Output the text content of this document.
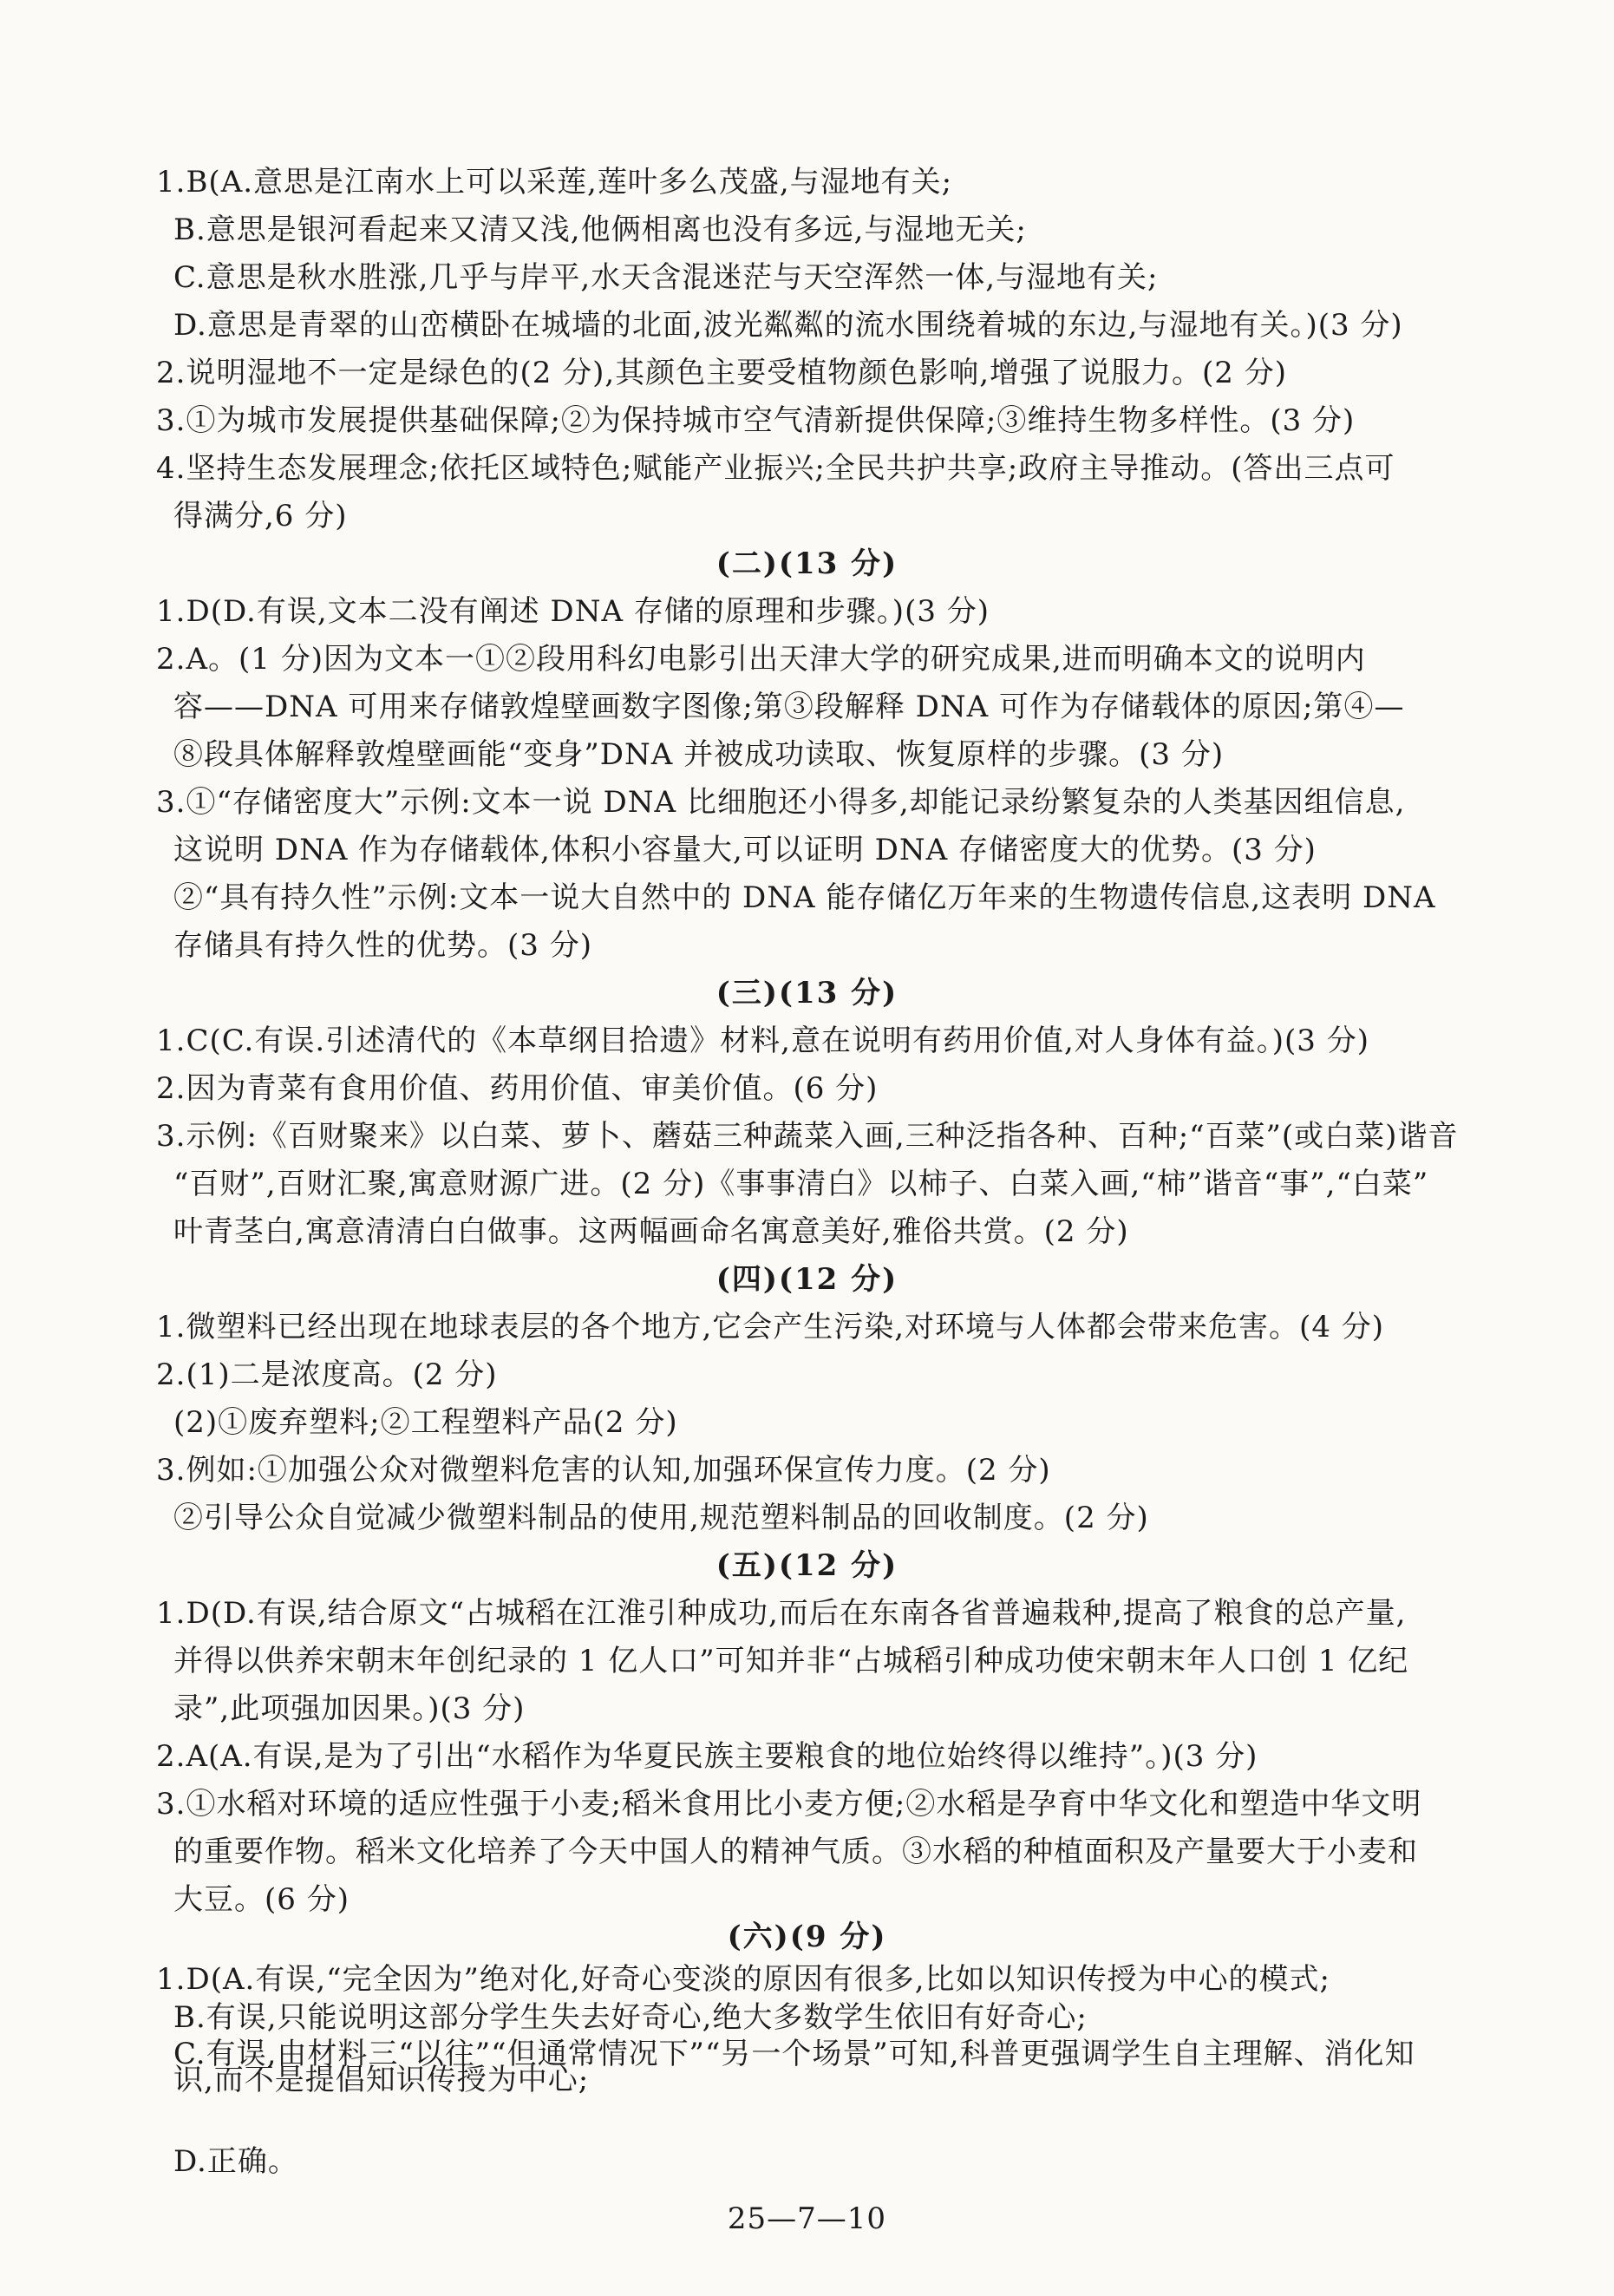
1.B(A.意思是江南水上可以采莲,莲叶多么茂盛,与湿地有关;
B.意思是银河看起来又清又浅,他俩相离也没有多远,与湿地无关;
C.意思是秋水胜涨,几乎与岸平,水天含混迷茫与天空浑然一体,与湿地有关;
D.意思是青翠的山峦横卧在城墙的北面,波光粼粼的流水围绕着城的东边,与湿地有关。)(3 分)
2.说明湿地不一定是绿色的(2 分),其颜色主要受植物颜色影响,增强了说服力。(2 分)
3.①为城市发展提供基础保障;②为保持城市空气清新提供保障;③维持生物多样性。(3 分)
4.坚持生态发展理念;依托区域特色;赋能产业振兴;全民共护共享;政府主导推动。(答出三点可
得满分,6 分)
(二)(13 分)
1.D(D.有误,文本二没有阐述 DNA 存储的原理和步骤。)(3 分)
2.A。(1 分)因为文本一①②段用科幻电影引出天津大学的研究成果,进而明确本文的说明内
容——DNA 可用来存储敦煌壁画数字图像;第③段解释 DNA 可作为存储载体的原因;第④—
⑧段具体解释敦煌壁画能“变身”DNA 并被成功读取、恢复原样的步骤。(3 分)
3.①“存储密度大”示例:文本一说 DNA 比细胞还小得多,却能记录纷繁复杂的人类基因组信息,
这说明 DNA 作为存储载体,体积小容量大,可以证明 DNA 存储密度大的优势。(3 分)
②“具有持久性”示例:文本一说大自然中的 DNA 能存储亿万年来的生物遗传信息,这表明 DNA
存储具有持久性的优势。(3 分)
(三)(13 分)
1.C(C.有误.引述清代的《本草纲目拾遗》材料,意在说明有药用价值,对人身体有益。)(3 分)
2.因为青菜有食用价值、药用价值、审美价值。(6 分)
3.示例:《百财聚来》以白菜、萝卜、蘑菇三种蔬菜入画,三种泛指各种、百种;“百菜”(或白菜)谐音
“百财”,百财汇聚,寓意财源广进。(2 分)《事事清白》以柿子、白菜入画,“柿”谐音“事”,“白菜”
叶青茎白,寓意清清白白做事。这两幅画命名寓意美好,雅俗共赏。(2 分)
(四)(12 分)
1.微塑料已经出现在地球表层的各个地方,它会产生污染,对环境与人体都会带来危害。(4 分)
2.(1)二是浓度高。(2 分)
(2)①废弃塑料;②工程塑料产品(2 分)
3.例如:①加强公众对微塑料危害的认知,加强环保宣传力度。(2 分)
②引导公众自觉减少微塑料制品的使用,规范塑料制品的回收制度。(2 分)
(五)(12 分)
1.D(D.有误,结合原文“占城稻在江淮引种成功,而后在东南各省普遍栽种,提高了粮食的总产量,
并得以供养宋朝末年创纪录的 1 亿人口”可知并非“占城稻引种成功使宋朝末年人口创 1 亿纪
录”,此项强加因果。)(3 分)
2.A(A.有误,是为了引出“水稻作为华夏民族主要粮食的地位始终得以维持”。)(3 分)
3.①水稻对环境的适应性强于小麦;稻米食用比小麦方便;②水稻是孕育中华文化和塑造中华文明
的重要作物。稻米文化培养了今天中国人的精神气质。③水稻的种植面积及产量要大于小麦和
大豆。(6 分)
(六)(9 分)
1.D(A.有误,“完全因为”绝对化,好奇心变淡的原因有很多,比如以知识传授为中心的模式;
B.有误,只能说明这部分学生失去好奇心,绝大多数学生依旧有好奇心;
C.有误,由材料三“以往”“但通常情况下”“另一个场景”可知,科普更强调学生自主理解、消化知
识,而不是提倡知识传授为中心;
D.正确。
25—7—10
